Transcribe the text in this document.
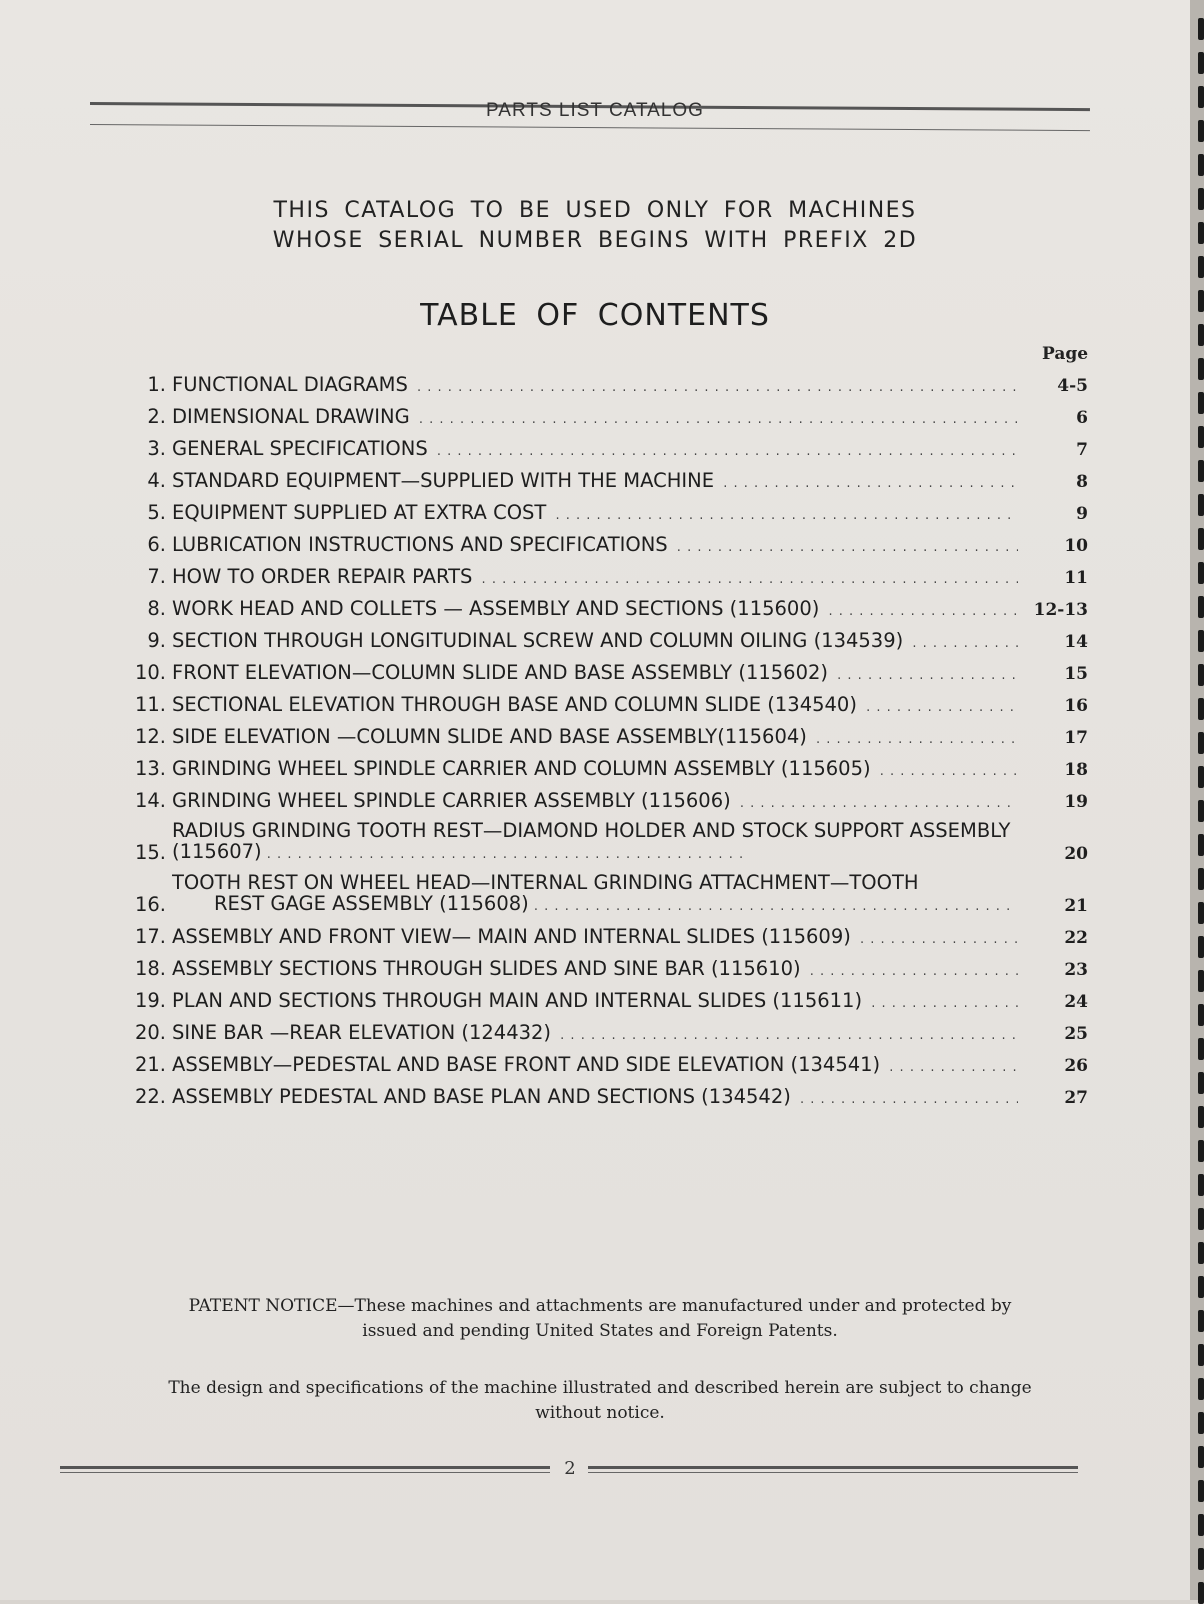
PARTS LIST CATALOG
THIS CATALOG TO BE USED ONLY FOR MACHINES
WHOSE SERIAL NUMBER BEGINS WITH PREFIX 2D
TABLE OF CONTENTS
Page
1. FUNCTIONAL DIAGRAMS . . .	4-5
2. DIMENSIONAL DRAWING . . .	6
3. GENERAL SPECIFICATIONS . . .	7
4. STANDARD EQUIPMENT—SUPPLIED WITH THE MACHINE . . .	8
5. EQUIPMENT SUPPLIED AT EXTRA COST . . .	9
6. LUBRICATION INSTRUCTIONS AND SPECIFICATIONS . . .	10
7. HOW TO ORDER REPAIR PARTS . . .	11
8. WORK HEAD AND COLLETS — ASSEMBLY AND SECTIONS (115600) . . .	12-13
9. SECTION THROUGH LONGITUDINAL SCREW AND COLUMN OILING (134539) . . .	14
10. FRONT ELEVATION—COLUMN SLIDE AND BASE ASSEMBLY (115602) . . .	15
11. SECTIONAL ELEVATION THROUGH BASE AND COLUMN SLIDE (134540) . . .	16
12. SIDE ELEVATION —COLUMN SLIDE AND BASE ASSEMBLY(115604) . . .	17
13. GRINDING WHEEL SPINDLE CARRIER AND COLUMN ASSEMBLY (115605) . . .	18
14. GRINDING WHEEL SPINDLE CARRIER ASSEMBLY (115606) . . .	19
15.
RADIUS GRINDING TOOTH REST—DIAMOND HOLDER AND STOCK SUPPORT ASSEMBLY
(115607) . . . . . . . . . . . . . . . . . . . . . . . . . . . . . . . . . . . . . . . . . . . . . . .	20
16.
TOOTH REST ON WHEEL HEAD—INTERNAL GRINDING ATTACHMENT—TOOTH
REST GAGE ASSEMBLY (115608) . . . . . . . . . . . . . . . . . . . . . . . . . . . . . . . . . . . . . . . . . . . . . . .	21
17. ASSEMBLY AND FRONT VIEW— MAIN AND INTERNAL SLIDES (115609) . . .	22
18. ASSEMBLY SECTIONS THROUGH SLIDES AND SINE BAR (115610) . . .	23
19. PLAN AND SECTIONS THROUGH MAIN AND INTERNAL SLIDES (115611) . . .	24
20. SINE BAR —REAR ELEVATION (124432) . . .	25
21. ASSEMBLY—PEDESTAL AND BASE FRONT AND SIDE ELEVATION (134541) . . .	26
22. ASSEMBLY PEDESTAL AND BASE PLAN AND SECTIONS (134542) . . .	27
PATENT NOTICE—These machines and attachments are manufactured under and protected by
issued and pending United States and Foreign Patents.
The design and specifications of the machine illustrated and described herein are subject to change
without notice.
2
